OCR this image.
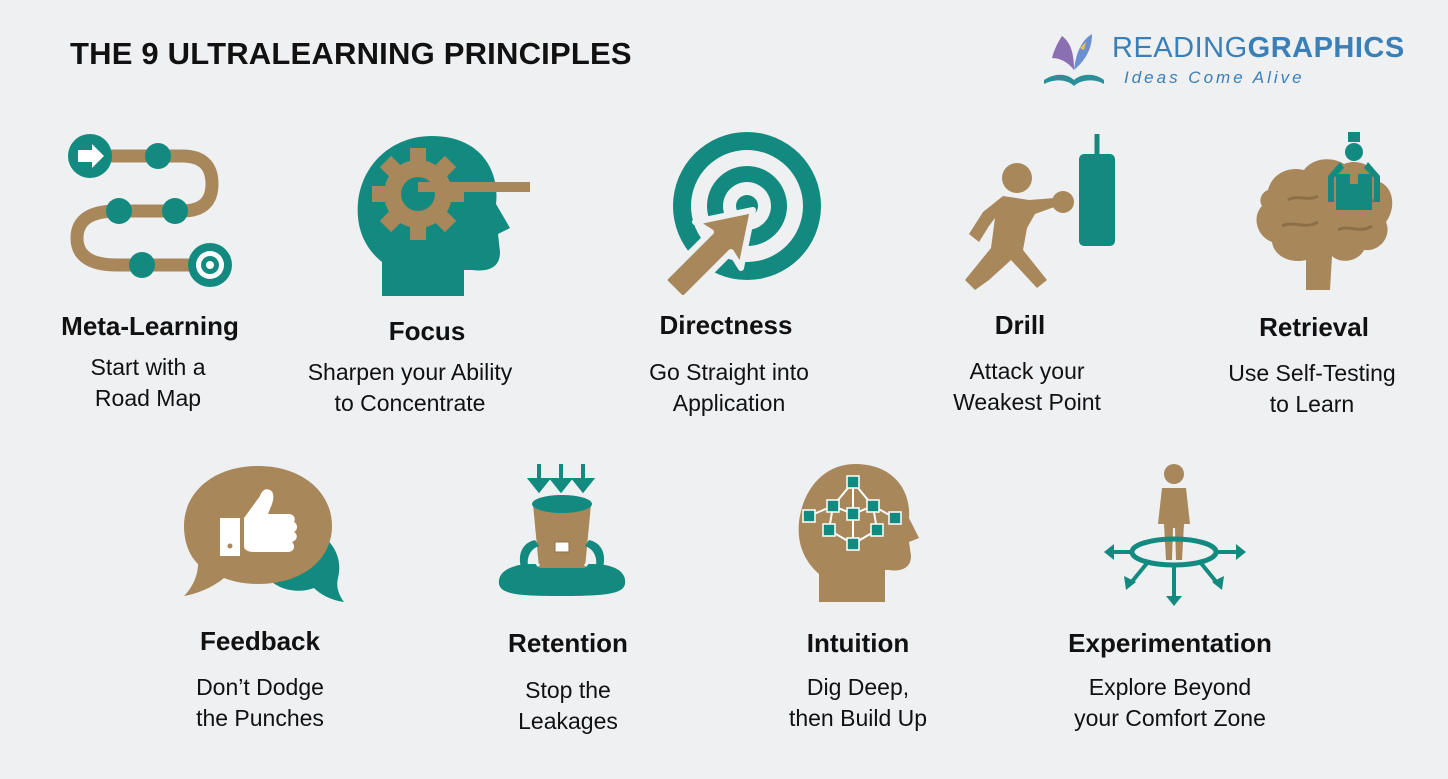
THE 9 ULTRALEARNING PRINCIPLES	READINGGRAPHICS
Ideas Come Alive
Meta-Learning
Start with a
Road Map
Focus
Sharpen your Ability
to Concentrate
Directness
Go Straight into
Application
Drill
Attack your
Weakest Point
Retrieval
Use Self-Testing
to Learn
Feedback
Don’t Dodge
the Punches
Retention
Stop the
Leakages
Intuition
Dig Deep,
then Build Up
Experimentation
Explore Beyond
your Comfort Zone
